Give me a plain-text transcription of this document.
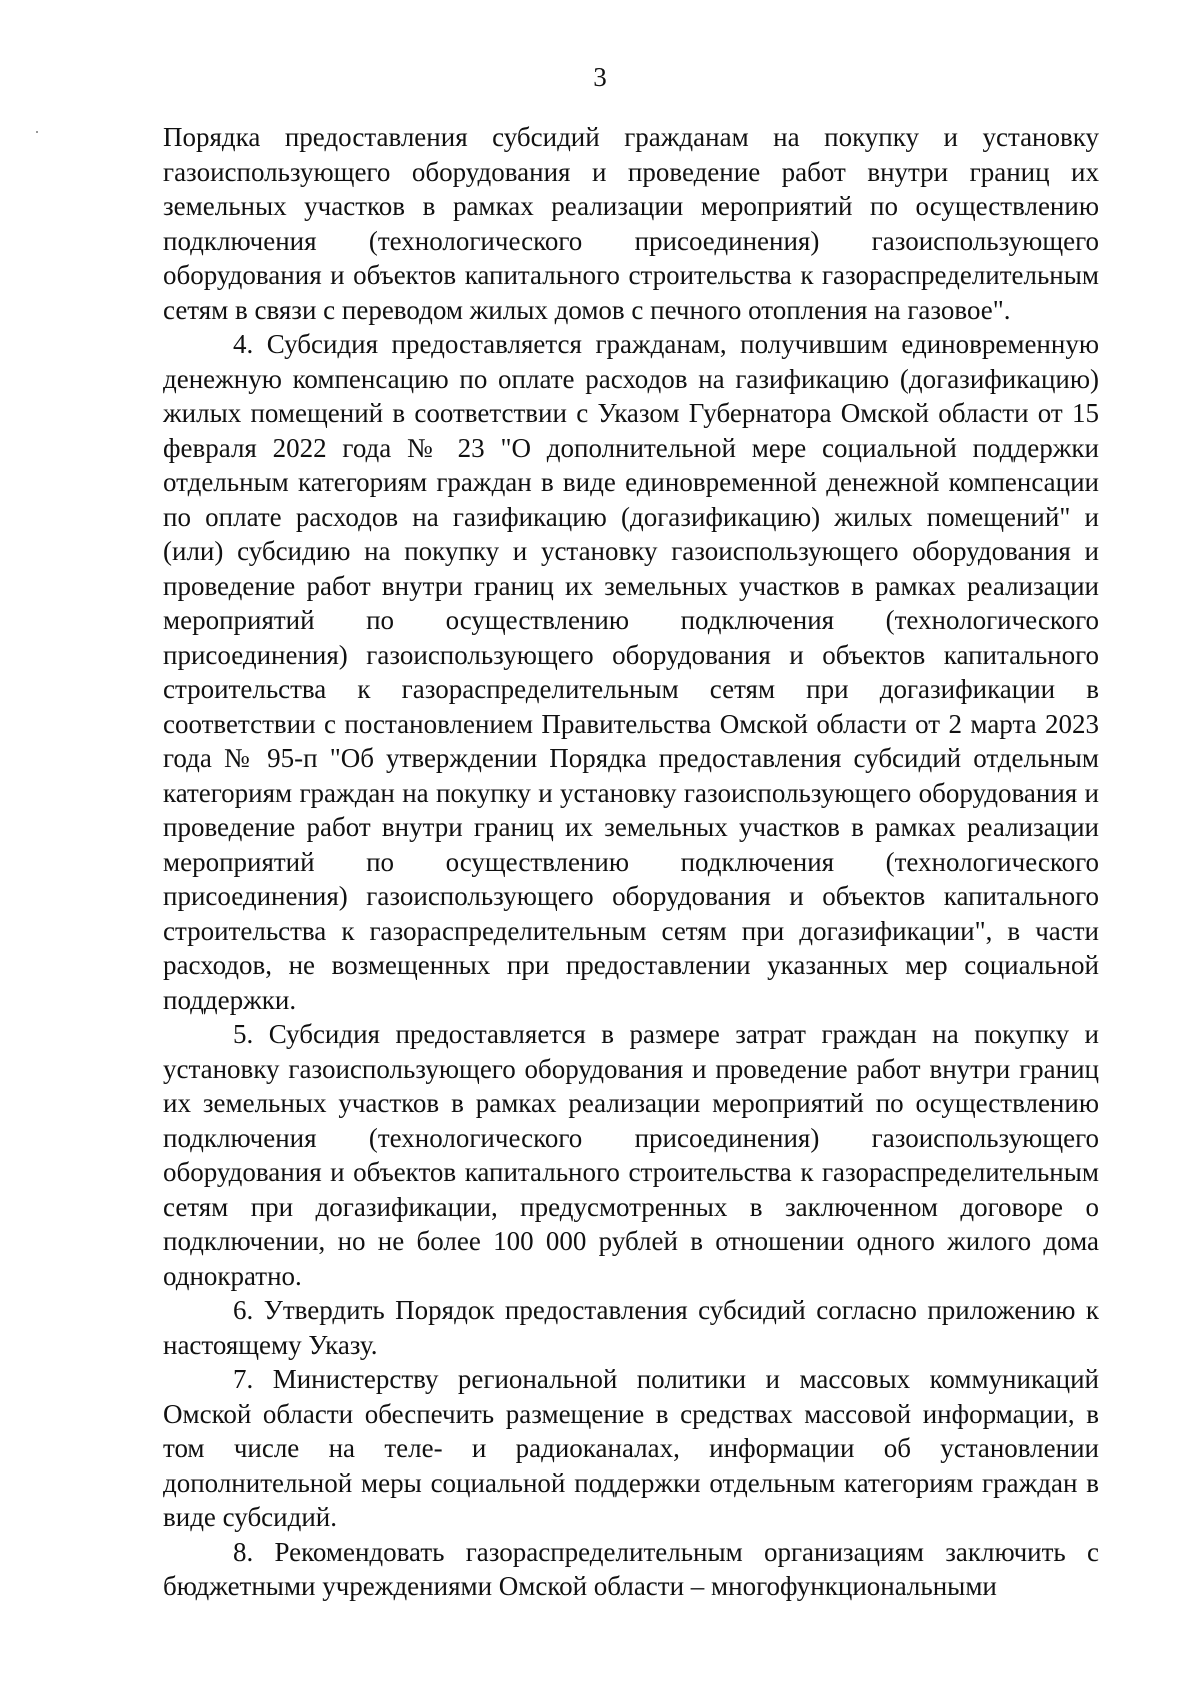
3

Порядка предоставления субсидий гражданам на покупку и установку газоиспользующего оборудования и проведение работ внутри границ их земельных участков в рамках реализации мероприятий по осуществлению подключения (технологического присоединения) газоиспользующего оборудования и объектов капитального строительства к газораспределительным сетям в связи с переводом жилых домов с печного отопления на газовое".

4. Субсидия предоставляется гражданам, получившим единовременную денежную компенсацию по оплате расходов на газификацию (догазификацию) жилых помещений в соответствии с Указом Губернатора Омской области от 15 февраля 2022 года № 23 "О дополнительной мере социальной поддержки отдельным категориям граждан в виде единовременной денежной компенсации по оплате расходов на газификацию (догазификацию) жилых помещений" и (или) субсидию на покупку и установку газоиспользующего оборудования и проведение работ внутри границ их земельных участков в рамках реализации мероприятий по осуществлению подключения (технологического присоединения) газоиспользующего оборудования и объектов капитального строительства к газораспределительным сетям при догазификации в соответствии с постановлением Правительства Омской области от 2 марта 2023 года № 95-п "Об утверждении Порядка предоставления субсидий отдельным категориям граждан на покупку и установку газоиспользующего оборудования и проведение работ внутри границ их земельных участков в рамках реализации мероприятий по осуществлению подключения (технологического присоединения) газоиспользующего оборудования и объектов капитального строительства к газораспределительным сетям при догазификации", в части расходов, не возмещенных при предоставлении указанных мер социальной поддержки.

5. Субсидия предоставляется в размере затрат граждан на покупку и установку газоиспользующего оборудования и проведение работ внутри границ их земельных участков в рамках реализации мероприятий по осуществлению подключения (технологического присоединения) газоиспользующего оборудования и объектов капитального строительства к газораспределительным сетям при догазификации, предусмотренных в заключенном договоре о подключении, но не более 100 000 рублей в отношении одного жилого дома однократно.

6. Утвердить Порядок предоставления субсидий согласно приложению к настоящему Указу.

7. Министерству региональной политики и массовых коммуникаций Омской области обеспечить размещение в средствах массовой информации, в том числе на теле- и радиоканалах, информации об установлении дополнительной меры социальной поддержки отдельным категориям граждан в виде субсидий.

8. Рекомендовать газораспределительным организациям заключить с бюджетными учреждениями Омской области – многофункциональными
